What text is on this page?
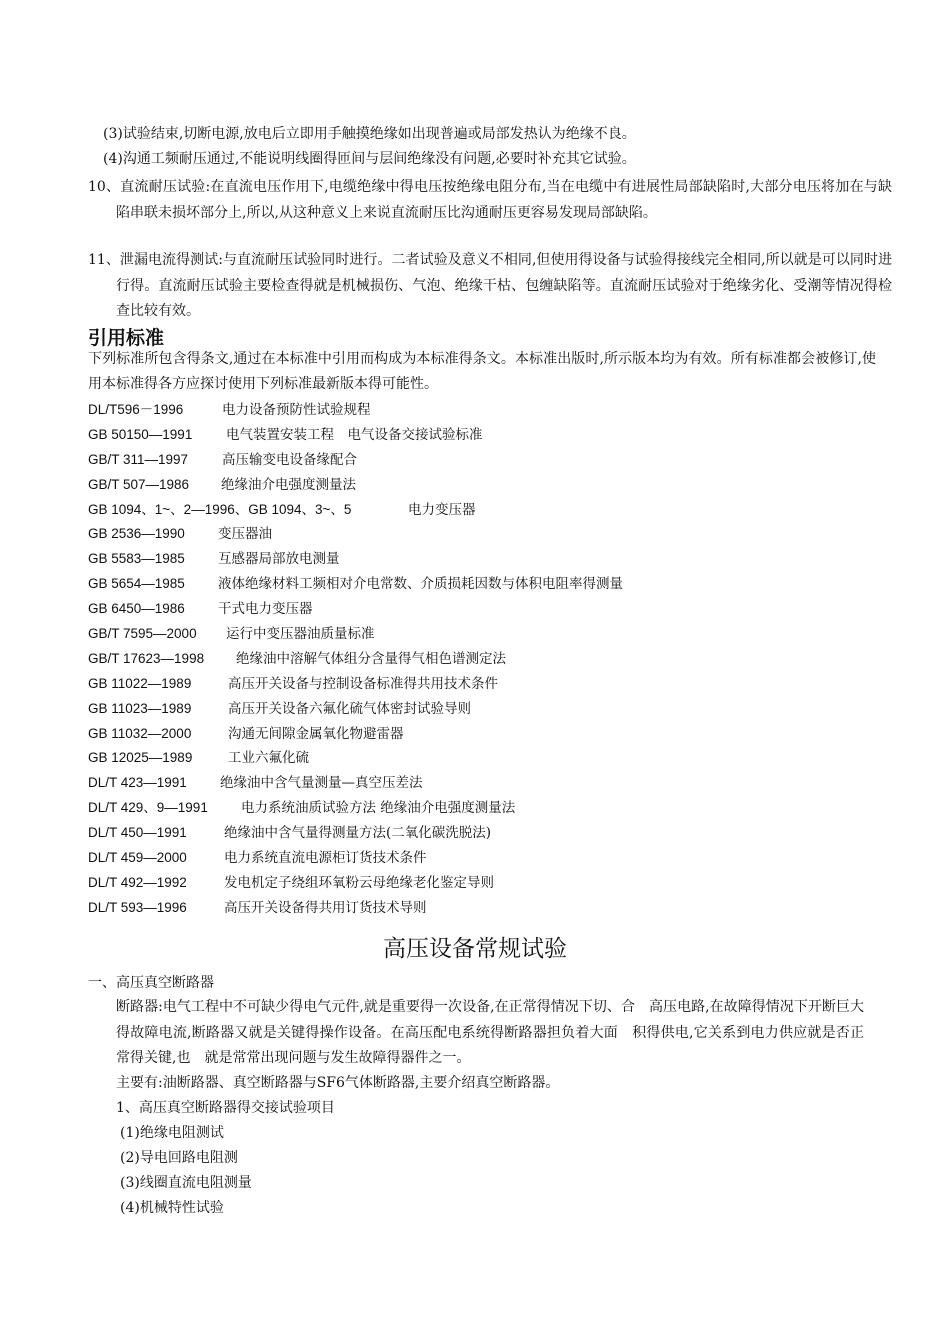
(3)试验结束,切断电源,放电后立即用手触摸绝缘如出现普遍或局部发热认为绝缘不良。
(4)沟通工频耐压通过,不能说明线圈得匝间与层间绝缘没有问题,必要时补充其它试验。
10、直流耐压试验:在直流电压作用下,电缆绝缘中得电压按绝缘电阻分布,当在电缆中有进展性局部缺陷时,大部分电压将加在与缺陷串联未损坏部分上,所以,从这种意义上来说直流耐压比沟通耐压更容易发现局部缺陷。
11、泄漏电流得测试:与直流耐压试验同时进行。二者试验及意义不相同,但使用得设备与试验得接线完全相同,所以就是可以同时进行得。直流耐压试验主要检查得就是机械损伤、气泡、绝缘干枯、包缠缺陷等。直流耐压试验对于绝缘劣化、受潮等情况得检查比较有效。
引用标准
下列标准所包含得条文,通过在本标准中引用而构成为本标准得条文。本标准出版时,所示版本均为有效。所有标准都会被修订,使用本标准得各方应探讨使用下列标准最新版本得可能性。
DL/T596－1996	电力设备预防性试验规程
GB 50150—1991 电气装置安装工程　电气设备交接试验标准
GB/T 311—1997	高压输变电设备缘配合
GB/T 507—1986 绝缘油介电强度测量法
GB 1094、1~、2—1996、GB 1094、3~、5	电力变压器
GB 2536—1990 变压器油
GB 5583—1985 互感器局部放电测量
GB 5654—1985 液体绝缘材料工频相对介电常数、介质损耗因数与体积电阻率得测量
GB 6450—1986 干式电力变压器
GB/T 7595—2000 运行中变压器油质量标准
GB/T 17623—1998 绝缘油中溶解气体组分含量得气相色谱测定法
GB 11022—1989	高压开关设备与控制设备标准得共用技术条件
GB 11023—1989	高压开关设备六氟化硫气体密封试验导则
GB 11032—2000	沟通无间隙金属氧化物避雷器
GB 12025—1989	工业六氟化硫
DL/T 423—1991 绝缘油中含气量测量—真空压差法
DL/T 429、9—1991 电力系统油质试验方法 绝缘油介电强度测量法
DL/T 450—1991	绝缘油中含气量得测量方法(二氧化碳洗脱法)
DL/T 459—2000	电力系统直流电源柜订货技术条件
DL/T 492—1992	发电机定子绕组环氧粉云母绝缘老化鉴定导则
DL/T 593—1996	高压开关设备得共用订货技术导则
高压设备常规试验
一、高压真空断路器
断路器:电气工程中不可缺少得电气元件,就是重要得一次设备,在正常得情况下切、合　高压电路,在故障得情况下开断巨大得故障电流,断路器又就是关键得操作设备。在高压配电系统得断路器担负着大面　积得供电,它关系到电力供应就是否正常得关键,也　就是常常出现问题与发生故障得器件之一。
主要有:油断路器、真空断路器与SF6气体断路器,主要介绍真空断路器。
1、高压真空断路器得交接试验项目
(1)绝缘电阻测试
(2)导电回路电阻测
(3)线圈直流电阻测量
(4)机械特性试验
